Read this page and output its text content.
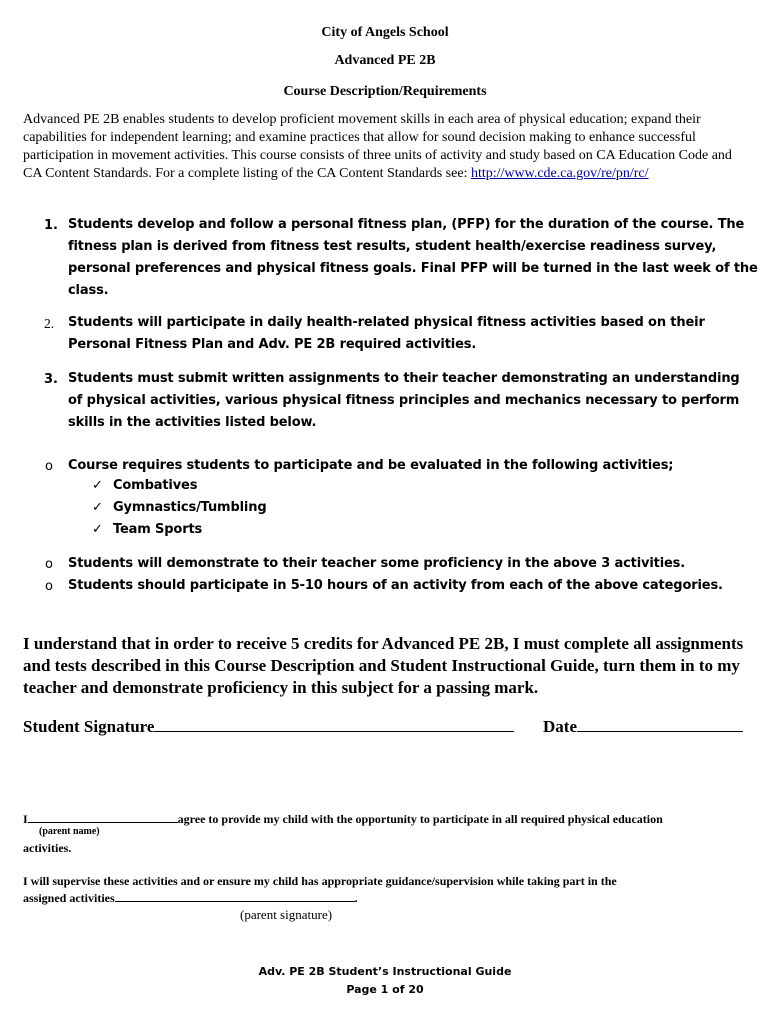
City of Angels School
Advanced PE 2B
Course Description/Requirements
Advanced PE 2B enables students to develop proficient movement skills in each area of physical education; expand their capabilities for independent learning; and examine practices that allow for sound decision making to enhance successful participation in movement activities. This course consists of three units of activity and study based on CA Education Code and CA Content Standards. For a complete listing of the CA Content Standards see: http://www.cde.ca.gov/re/pn/rc/
1. Students develop and follow a personal fitness plan, (PFP) for the duration of the course. The fitness plan is derived from fitness test results, student health/exercise readiness survey, personal preferences and physical fitness goals. Final PFP will be turned in the last week of the class.
2. Students will participate in daily health-related physical fitness activities based on their Personal Fitness Plan and Adv. PE 2B required activities.
3. Students must submit written assignments to their teacher demonstrating an understanding of physical activities, various physical fitness principles and mechanics necessary to perform skills in the activities listed below.
o Course requires students to participate and be evaluated in the following activities;
✓ Combatives
✓ Gymnastics/Tumbling
✓ Team Sports
o Students will demonstrate to their teacher some proficiency in the above 3 activities.
o Students should participate in 5-10 hours of an activity from each of the above categories.
I understand that in order to receive 5 credits for Advanced PE 2B, I must complete all assignments and tests described in this Course Description and Student Instructional Guide, turn them in to my teacher and demonstrate proficiency in this subject for a passing mark.
Student Signature	Date
I	agree to provide my child with the opportunity to participate in all required physical education
(parent name)
activities.
I will supervise these activities and or ensure my child has appropriate guidance/supervision while taking part in the
assigned activities	.
(parent signature)
Adv. PE 2B Student’s Instructional Guide
Page 1 of 20
